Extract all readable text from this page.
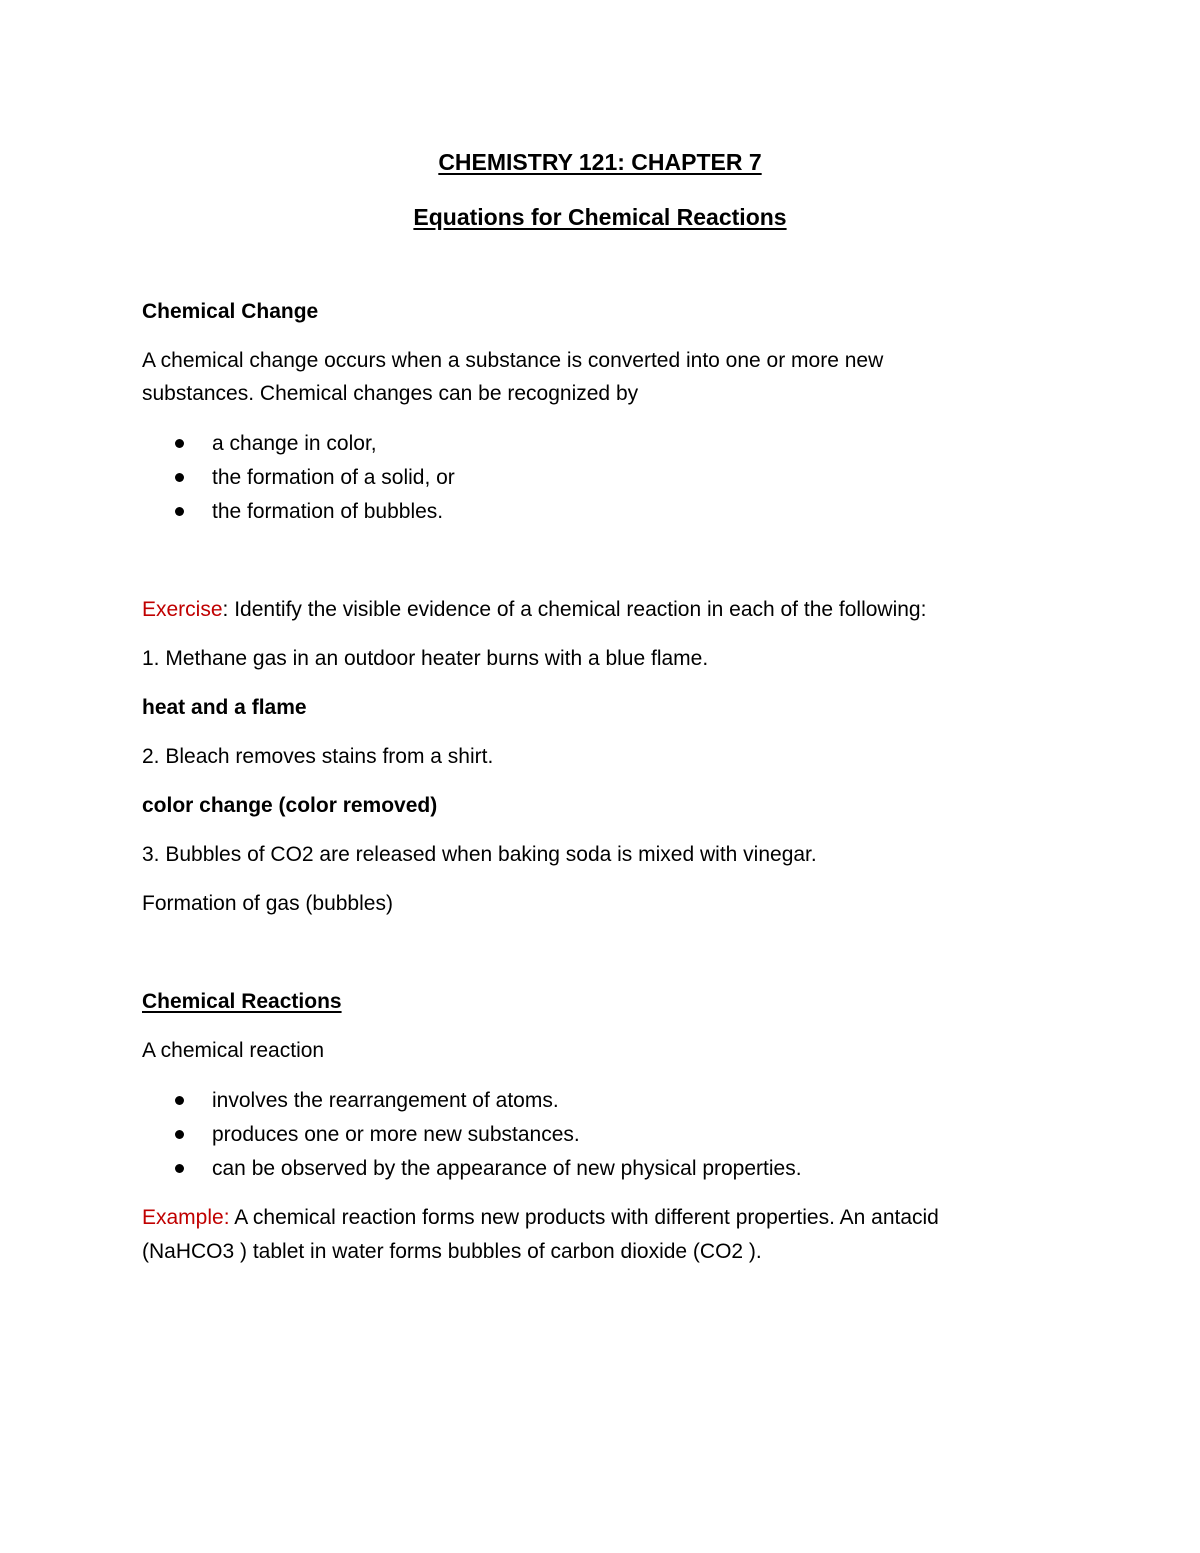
CHEMISTRY 121: CHAPTER 7
Equations for Chemical Reactions
Chemical Change
A chemical change occurs when a substance is converted into one or more new
substances. Chemical changes can be recognized by
a change in color,
the formation of a solid, or
the formation of bubbles.
Exercise: Identify the visible evidence of a chemical reaction in each of the following:
1. Methane gas in an outdoor heater burns with a blue flame.
heat and a flame
2. Bleach removes stains from a shirt.
color change (color removed)
3. Bubbles of CO2 are released when baking soda is mixed with vinegar.
Formation of gas (bubbles)
Chemical Reactions
A chemical reaction
involves the rearrangement of atoms.
produces one or more new substances.
can be observed by the appearance of new physical properties.
Example: A chemical reaction forms new products with different properties. An antacid
(NaHCO3 ) tablet in water forms bubbles of carbon dioxide (CO2 ).
